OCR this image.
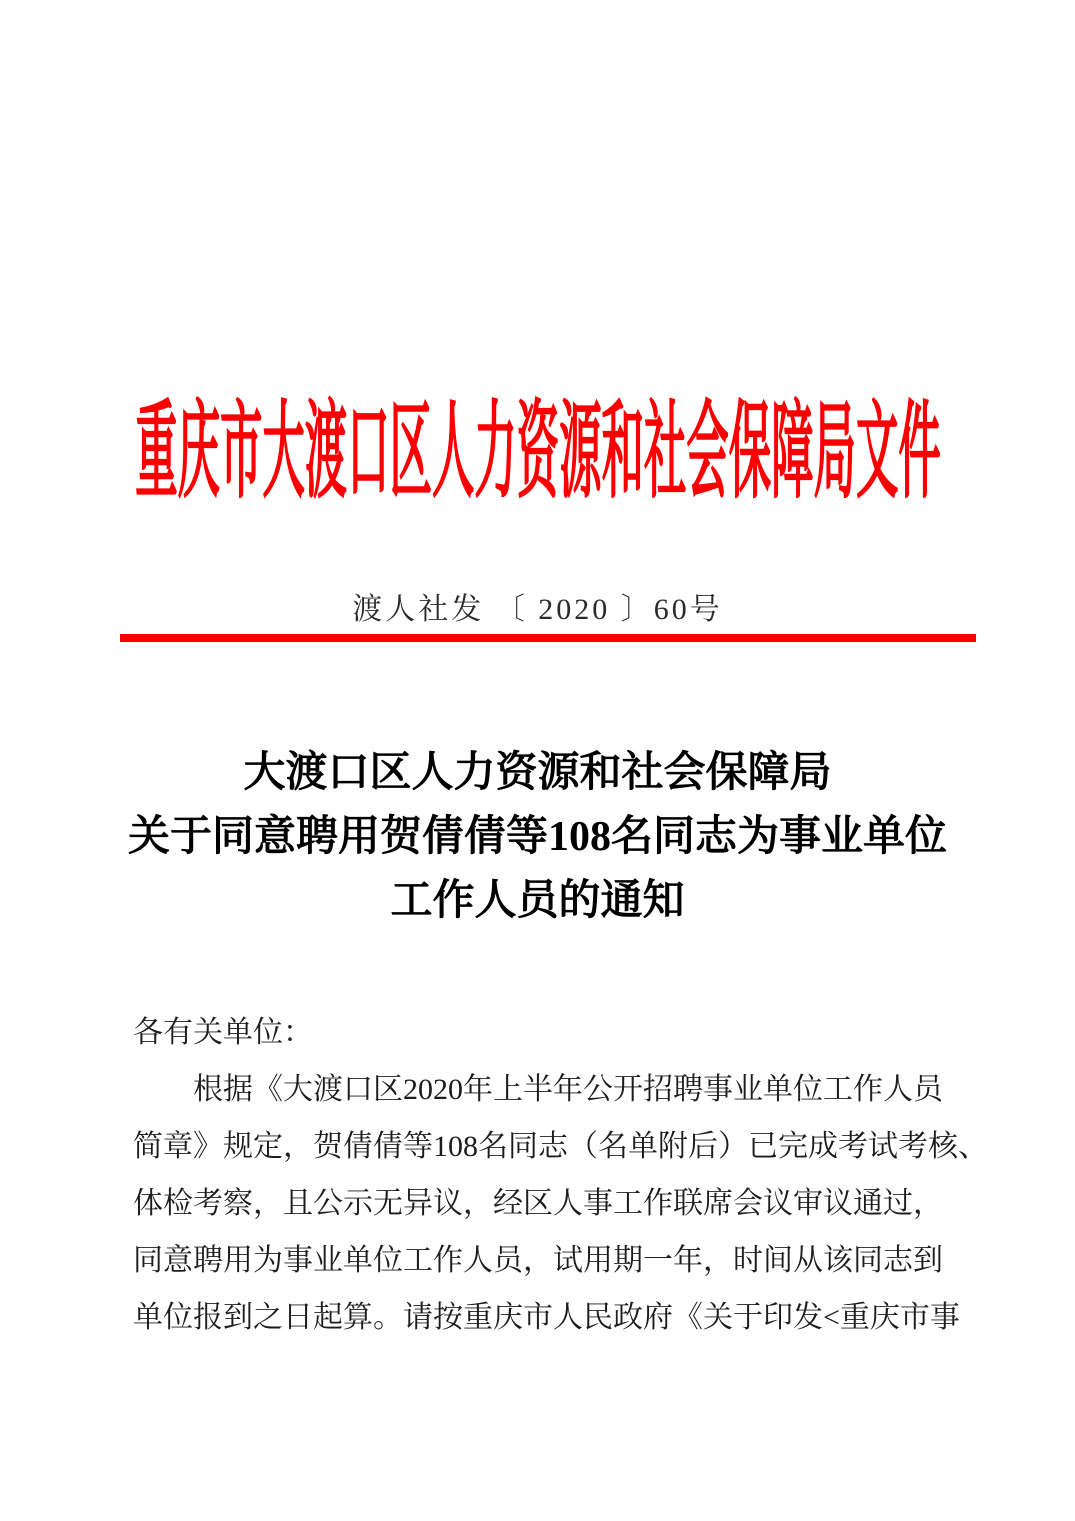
重庆市大渡口区人力资源和社会保障局文件
渡人社发 〔 2020 〕60号
大渡口区人力资源和社会保障局
关于同意聘用贺倩倩等108名同志为事业单位
工作人员的通知
各有关单位：
根据《大渡口区2020年上半年公开招聘事业单位工作人员
简章》规定，贺倩倩等108名同志（名单附后）已完成考试考核、
体检考察，且公示无异议，经区人事工作联席会议审议通过，
同意聘用为事业单位工作人员，试用期一年，时间从该同志到
单位报到之日起算。请按重庆市人民政府《关于印发<重庆市事
